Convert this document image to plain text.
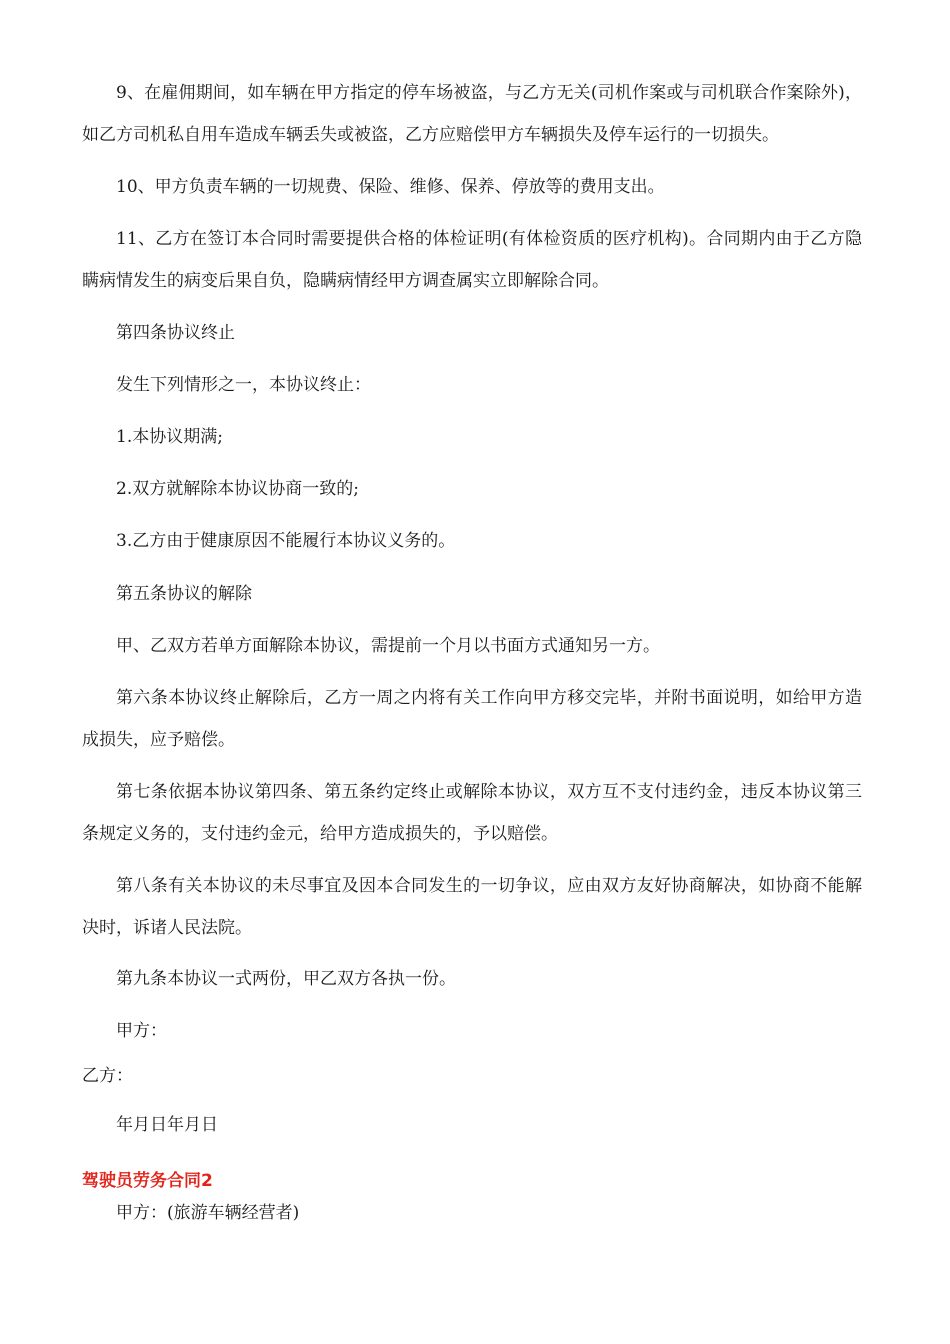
9、在雇佣期间，如车辆在甲方指定的停车场被盗，与乙方无关(司机作案或与司机联合作案除外)，如乙方司机私自用车造成车辆丢失或被盗，乙方应赔偿甲方车辆损失及停车运行的一切损失。

10、甲方负责车辆的一切规费、保险、维修、保养、停放等的费用支出。

11、乙方在签订本合同时需要提供合格的体检证明(有体检资质的医疗机构)。合同期内由于乙方隐瞒病情发生的病变后果自负，隐瞒病情经甲方调查属实立即解除合同。

第四条协议终止

发生下列情形之一，本协议终止：

1.本协议期满;

2.双方就解除本协议协商一致的;

3.乙方由于健康原因不能履行本协议义务的。

第五条协议的解除

甲、乙双方若单方面解除本协议，需提前一个月以书面方式通知另一方。

第六条本协议终止解除后，乙方一周之内将有关工作向甲方移交完毕，并附书面说明，如给甲方造成损失，应予赔偿。

第七条依据本协议第四条、第五条约定终止或解除本协议，双方互不支付违约金，违反本协议第三条规定义务的，支付违约金元，给甲方造成损失的，予以赔偿。

第八条有关本协议的未尽事宜及因本合同发生的一切争议，应由双方友好协商解决，如协商不能解决时，诉诸人民法院。

第九条本协议一式两份，甲乙双方各执一份。

甲方：

乙方：

年月日年月日

驾驶员劳务合同2

甲方：(旅游车辆经营者)
